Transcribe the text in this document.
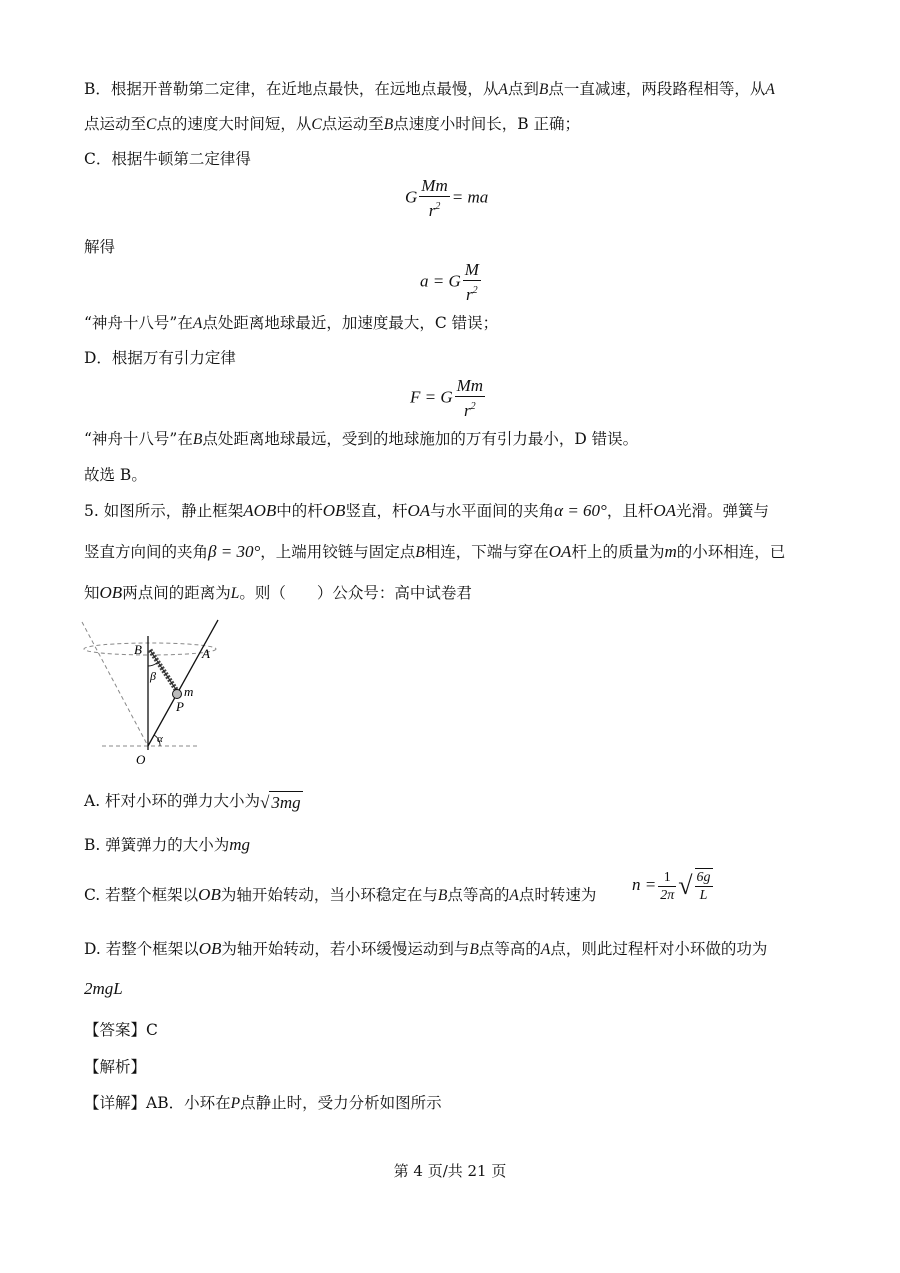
B．根据开普勒第二定律，在近地点最快，在远地点最慢，从A点到B点一直减速，两段路程相等，从A
点运动至C点的速度大时间短，从C点运动至B点速度小时间长，B 正确；
C．根据牛顿第二定律得
G $\frac{Mm}{r^2}$ = ma
解得
a = G $\frac{M}{r^2}$
“神舟十八号”在A点处距离地球最近，加速度最大，C 错误；
D．根据万有引力定律
F = G $\frac{Mm}{r^2}$
“神舟十八号”在B点处距离地球最远，受到的地球施加的万有引力最小，D 错误。
故选 B。
5. 如图所示，静止框架AOB中的杆OB竖直，杆OA与水平面间的夹角α = 60°，且杆OA光滑。弹簧与
竖直方向间的夹角β = 30°，上端用铰链与固定点B相连，下端与穿在OA杆上的质量为m的小环相连，已
知OB两点间的距离为L。则（　　）公众号：高中试卷君
B	A
β
m
P
α
O
A. 杆对小环的弹力大小为√ 3mg
B. 弹簧弹力的大小为mg
C. 若整个框架以OB为轴开始转动，当小环稳定在与B点等高的A点时转速为
$n = \frac{1}{2\pi}$ √ $\frac{6g}{L}$
D. 若整个框架以OB为轴开始转动，若小环缓慢运动到与B点等高的A点，则此过程杆对小环做的功为
2mgL
【答案】C
【解析】
【详解】AB．小环在P点静止时，受力分析如图所示
第 4 页/共 21 页
